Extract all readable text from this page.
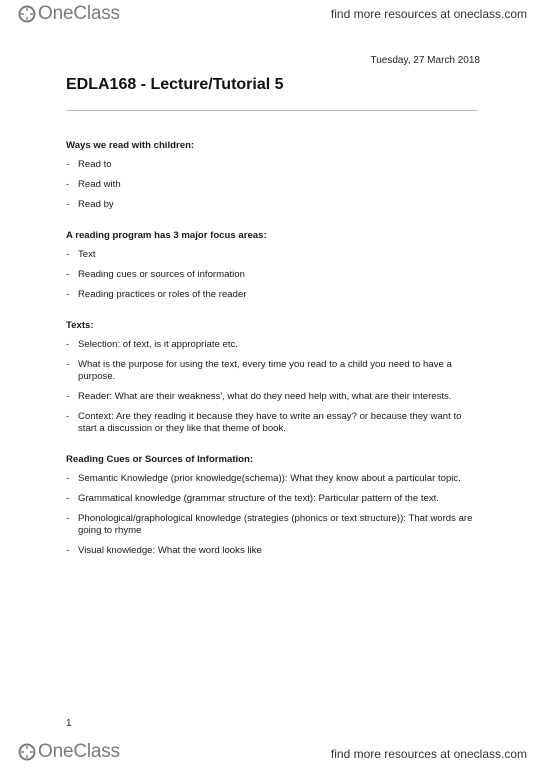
OneClass	find more resources at oneclass.com
Tuesday, 27 March 2018
EDLA168 - Lecture/Tutorial 5
Ways we read with children:
- Read to
- Read with
- Read by
A reading program has 3 major focus areas:
- Text
- Reading cues or sources of information
- Reading practices or roles of the reader
Texts:
- Selection: of text, is it appropriate etc.
- What is the purpose for using the text, every time you read to a child you need to have a purpose.
- Reader: What are their weakness', what do they need help with, what are their interests.
- Context: Are they reading it because they have to write an essay? or because they want to start a discussion or they like that theme of book.
Reading Cues or Sources of Information:
- Semantic Knowledge (prior knowledge(schema)): What they know about a particular topic.
- Grammatical knowledge (grammar structure of the text): Particular pattern of the text.
- Phonological/graphological knowledge (strategies (phonics or text structure)): That words are going to rhyme
- Visual knowledge: What the word looks like
1
OneClass	find more resources at oneclass.com
